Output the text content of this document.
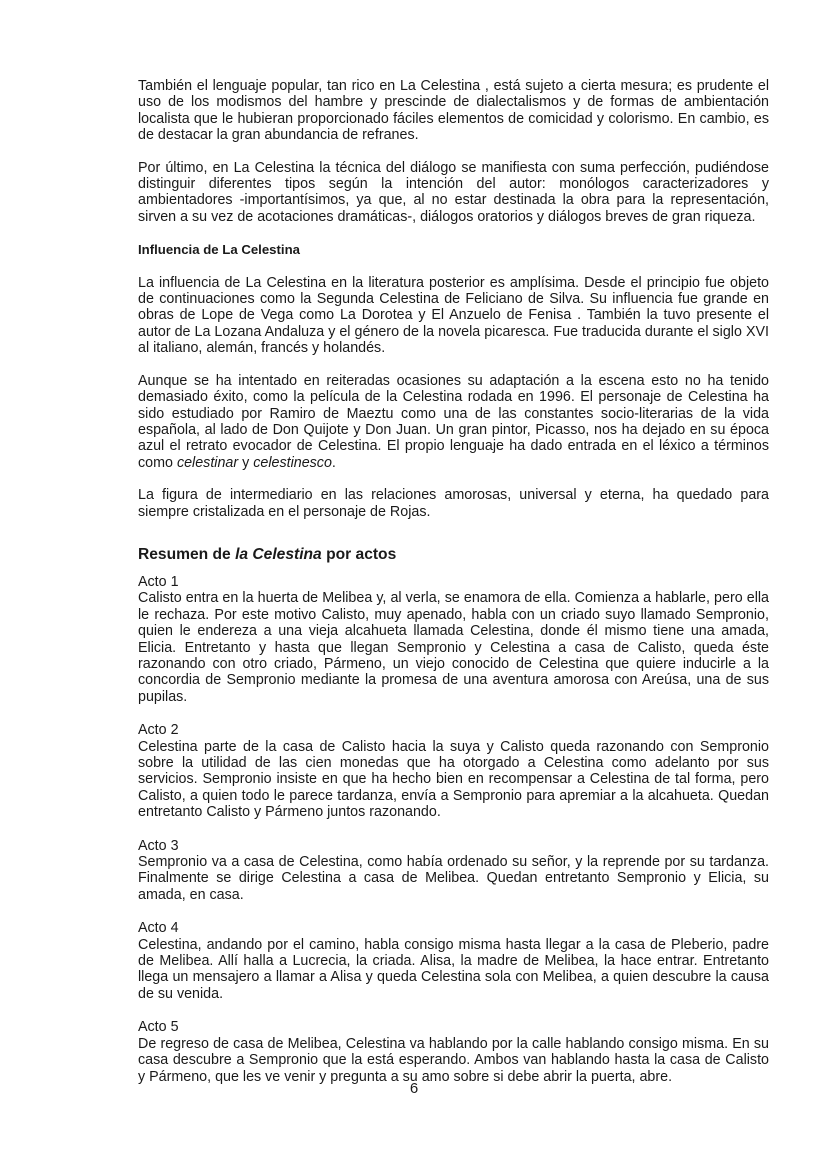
También el lenguaje popular, tan rico en La Celestina , está sujeto a cierta mesura; es prudente el uso de los modismos del hambre y prescinde de dialectalismos y de formas de ambientación localista que le hubieran proporcionado fáciles elementos de comicidad y colorismo. En cambio, es de destacar la gran abundancia de refranes.

Por último, en La Celestina la técnica del diálogo se manifiesta con suma perfección, pudiéndose distinguir diferentes tipos según la intención del autor: monólogos caracterizadores y ambientadores -importantísimos, ya que, al no estar destinada la obra para la representación, sirven a su vez de acotaciones dramáticas-, diálogos oratorios y diálogos breves de gran riqueza.

Influencia de La Celestina

La influencia de La Celestina en la literatura posterior es amplísima. Desde el principio fue objeto de continuaciones como la Segunda Celestina de Feliciano de Silva. Su influencia fue grande en obras de Lope de Vega como La Dorotea y El Anzuelo de Fenisa . También la tuvo presente el autor de La Lozana Andaluza y el género de la novela picaresca. Fue traducida durante el siglo XVI al italiano, alemán, francés y holandés.

Aunque se ha intentado en reiteradas ocasiones su adaptación a la escena esto no ha tenido demasiado éxito, como la película de la Celestina rodada en 1996. El personaje de Celestina ha sido estudiado por Ramiro de Maeztu como una de las constantes socio-literarias de la vida española, al lado de Don Quijote y Don Juan. Un gran pintor, Picasso, nos ha dejado en su época azul el retrato evocador de Celestina. El propio lenguaje ha dado entrada en el léxico a términos como celestinar y celestinesco.

La figura de intermediario en las relaciones amorosas, universal y eterna, ha quedado para siempre cristalizada en el personaje de Rojas.

Resumen de la Celestina por actos

Acto 1

Calisto entra en la huerta de Melibea y, al verla, se enamora de ella. Comienza a hablarle, pero ella le rechaza. Por este motivo Calisto, muy apenado, habla con un criado suyo llamado Sempronio, quien le endereza a una vieja alcahueta llamada Celestina, donde él mismo tiene una amada, Elicia. Entretanto y hasta que llegan Sempronio y Celestina a casa de Calisto, queda éste razonando con otro criado, Pármeno, un viejo conocido de Celestina que quiere inducirle a la concordia de Sempronio mediante la promesa de una aventura amorosa con Areúsa, una de sus pupilas.

Acto 2

Celestina parte de la casa de Calisto hacia la suya y Calisto queda razonando con Sempronio sobre la utilidad de las cien monedas que ha otorgado a Celestina como adelanto por sus servicios. Sempronio insiste en que ha hecho bien en recompensar a Celestina de tal forma, pero Calisto, a quien todo le parece tardanza, envía a Sempronio para apremiar a la alcahueta. Quedan entretanto Calisto y Pármeno juntos razonando.

Acto 3

Sempronio va a casa de Celestina, como había ordenado su señor, y la reprende por su tardanza. Finalmente se dirige Celestina a casa de Melibea. Quedan entretanto Sempronio y Elicia, su amada, en casa.

Acto 4

Celestina, andando por el camino, habla consigo misma hasta llegar a la casa de Pleberio, padre de Melibea. Allí halla a Lucrecia, la criada. Alisa, la madre de Melibea, la hace entrar. Entretanto llega un mensajero a llamar a Alisa y queda Celestina sola con Melibea, a quien descubre la causa de su venida.

Acto 5

De regreso de casa de Melibea, Celestina va hablando por la calle hablando consigo misma. En su casa descubre a Sempronio que la está esperando. Ambos van hablando hasta la casa de Calisto y Pármeno, que les ve venir y pregunta a su amo sobre si debe abrir la puerta, abre.

6
